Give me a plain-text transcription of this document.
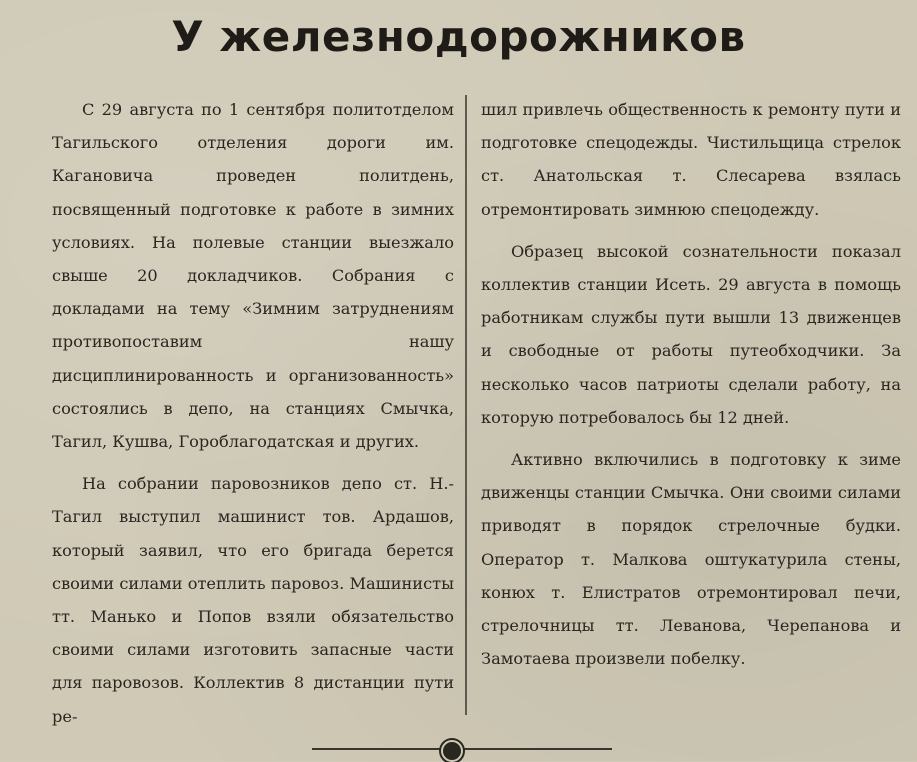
У железнодорожников

С 29 августа по 1 сентября политотделом Тагильского отделения дороги им. Кагановича проведен политдень, посвященный подготовке к работе в зимних условиях. На полевые станции выезжало свыше 20 докладчиков. Собрания с докладами на тему «Зимним затруднениям противопоставим нашу дисциплинированность и организованность» состоялись в депо, на станциях Смычка, Тагил, Кушва, Гороблагодатская и других.

На собрании паровозников депо ст. Н.-Тагил выступил машинист тов. Ардашов, который заявил, что его бригада берется своими силами отеплить паровоз. Машинисты тт. Манько и Попов взяли обязательство своими силами изготовить запасные части для паровозов. Коллектив 8 дистанции пути ре-

шил привлечь общественность к ремонту пути и подготовке спецодежды. Чистильщица стрелок ст. Анатольская т. Слесарева взялась отремонтировать зимнюю спецодежду.

Образец высокой сознательности показал коллектив станции Исеть. 29 августа в помощь работникам службы пути вышли 13 движенцев и свободные от работы путеобходчики. За несколько часов патриоты сделали работу, на которую потребовалось бы 12 дней.

Активно включились в подготовку к зиме движенцы станции Смычка. Они своими силами приводят в порядок стрелочные будки. Оператор т. Малкова оштукатурила стены, конюх т. Елистратов отремонтировал печи, стрелочницы тт. Леванова, Черепанова и Замотаева произвели побелку.
